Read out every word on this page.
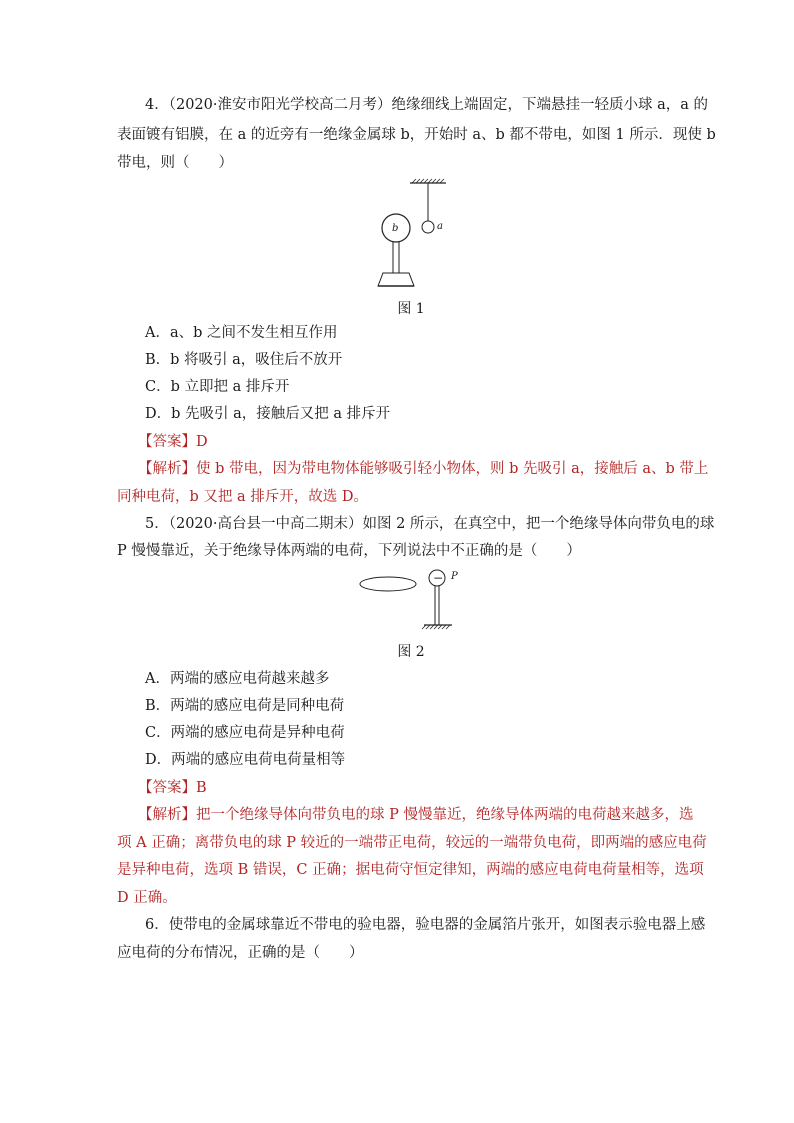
4．（2020·淮安市阳光学校高二月考）绝缘细线上端固定，下端悬挂一轻质小球 a，a 的
表面镀有铝膜，在 a 的近旁有一绝缘金属球 b，开始时 a、b 都不带电，如图 1 所示．现使 b
带电，则（　　）
b	a
图 1
A．a、b 之间不发生相互作用
B．b 将吸引 a，吸住后不放开
C．b 立即把 a 排斥开
D．b 先吸引 a，接触后又把 a 排斥开
【答案】D
【解析】使 b 带电，因为带电物体能够吸引轻小物体，则 b 先吸引 a，接触后 a、b 带上
同种电荷，b 又把 a 排斥开，故选 D。
5．（2020·高台县一中高二期末）如图 2 所示，在真空中，把一个绝缘导体向带负电的球
P 慢慢靠近，关于绝缘导体两端的电荷，下列说法中不正确的是（　　）
− P
图 2
A．两端的感应电荷越来越多
B．两端的感应电荷是同种电荷
C．两端的感应电荷是异种电荷
D．两端的感应电荷电荷量相等
【答案】B
【解析】把一个绝缘导体向带负电的球 P 慢慢靠近，绝缘导体两端的电荷越来越多，选
项 A 正确；离带负电的球 P 较近的一端带正电荷，较远的一端带负电荷，即两端的感应电荷
是异种电荷，选项 B 错误，C 正确；据电荷守恒定律知，两端的感应电荷电荷量相等，选项
D 正确。
6．使带电的金属球靠近不带电的验电器，验电器的金属箔片张开，如图表示验电器上感
应电荷的分布情况，正确的是（　　）
